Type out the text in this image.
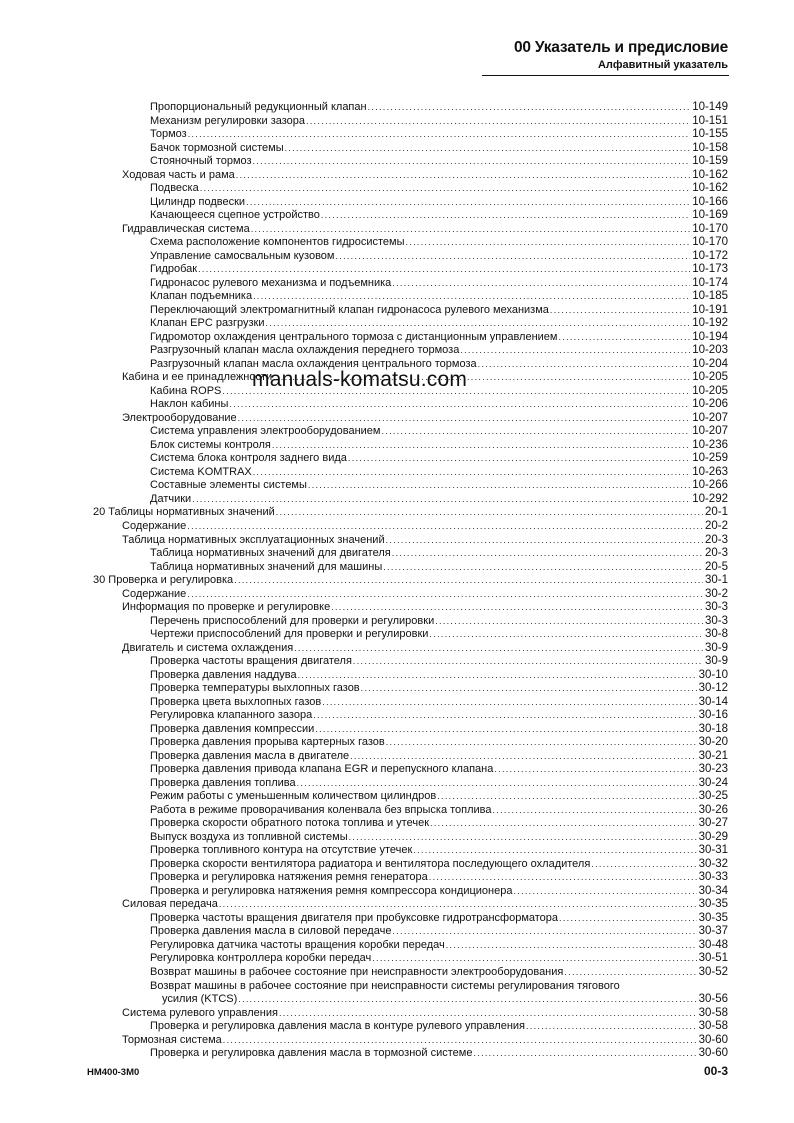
00 Указатель и предисловие
Алфавитный указатель
Пропорциональный редукционный клапан .....	10-149
Механизм регулировки зазора .....	10-151
Тормоз .....	10-155
Бачок тормозной системы .....	10-158
Стояночный тормоз .....	10-159
Ходовая часть и рама .....	10-162
Подвеска .....	10-162
Цилиндр подвески .....	10-166
Качающееся сцепное устройство .....	10-169
Гидравлическая система .....	10-170
Схема расположение компонентов гидросистемы .....	10-170
Управление самосвальным кузовом .....	10-172
Гидробак .....	10-173
Гидронасос рулевого механизма и подъемника .....	10-174
Клапан подъемника .....	10-185
Переключающий электромагнитный клапан гидронасоса рулевого механизма .....	10-191
Клапан EPC разгрузки .....	10-192
Гидромотор охлаждения центрального тормоза с дистанционным управлением .....	10-194
Разгрузочный клапан масла охлаждения переднего тормоза .....	10-203
Разгрузочный клапан масла охлаждения центрального тормоза .....	10-204
Кабина и ее принадлежности .....	10-205
Кабина ROPS .....	10-205
Наклон кабины .....	10-206
Электрооборудование .....	10-207
Система управления электрооборудованием .....	10-207
Блок системы контроля .....	10-236
Система блока контроля заднего вида .....	10-259
Система KOMTRAX .....	10-263
Составные элементы системы .....	10-266
Датчики .....	10-292
20 Таблицы нормативных значений .....	20-1
Содержание .....	20-2
Таблица нормативных эксплуатационных значений .....	20-3
Таблица нормативных значений для двигателя .....	20-3
Таблица нормативных значений для машины .....	20-5
30 Проверка и регулировка .....	30-1
Содержание .....	30-2
Информация по проверке и регулировке .....	30-3
Перечень приспособлений для проверки и регулировки .....	30-3
Чертежи приспособлений для проверки и регулировки .....	30-8
Двигатель и система охлаждения .....	30-9
Проверка частоты вращения двигателя .....	30-9
Проверка давления наддува .....	30-10
Проверка температуры выхлопных газов .....	30-12
Проверка цвета выхлопных газов .....	30-14
Регулировка клапанного зазора .....	30-16
Проверка давления компрессии .....	30-18
Проверка давления прорыва картерных газов .....	30-20
Проверка давления масла в двигателе .....	30-21
Проверка давления привода клапана EGR и перепускного клапана .....	30-23
Проверка давления топлива .....	30-24
Режим работы с уменьшенным количеством цилиндров .....	30-25
Работа в режиме проворачивания коленвала без впрыска топлива .....	30-26
Проверка скорости обратного потока топлива и утечек .....	30-27
Выпуск воздуха из топливной системы .....	30-29
Проверка топливного контура на отсутствие утечек .....	30-31
Проверка скорости вентилятора радиатора и вентилятора последующего охладителя .....	30-32
Проверка и регулировка натяжения ремня генератора .....	30-33
Проверка и регулировка натяжения ремня компрессора кондиционера .....	30-34
Силовая передача .....	30-35
Проверка частоты вращения двигателя при пробуксовке гидротрансформатора .....	30-35
Проверка давления масла в силовой передаче .....	30-37
Регулировка датчика частоты вращения коробки передач .....	30-48
Регулировка контроллера коробки передач .....	30-51
Возврат машины в рабочее состояние при неисправности электрооборудования .....	30-52
Возврат машины в рабочее состояние при неисправности системы регулирования тягового
усилия (KTCS) .....	30-56
Система рулевого управления .....	30-58
Проверка и регулировка давления масла в контуре рулевого управления .....	30-58
Тормозная система .....	30-60
Проверка и регулировка давления масла в тормозной системе .....	30-60
manuals-komatsu.com
HM400-3M0	00-3
